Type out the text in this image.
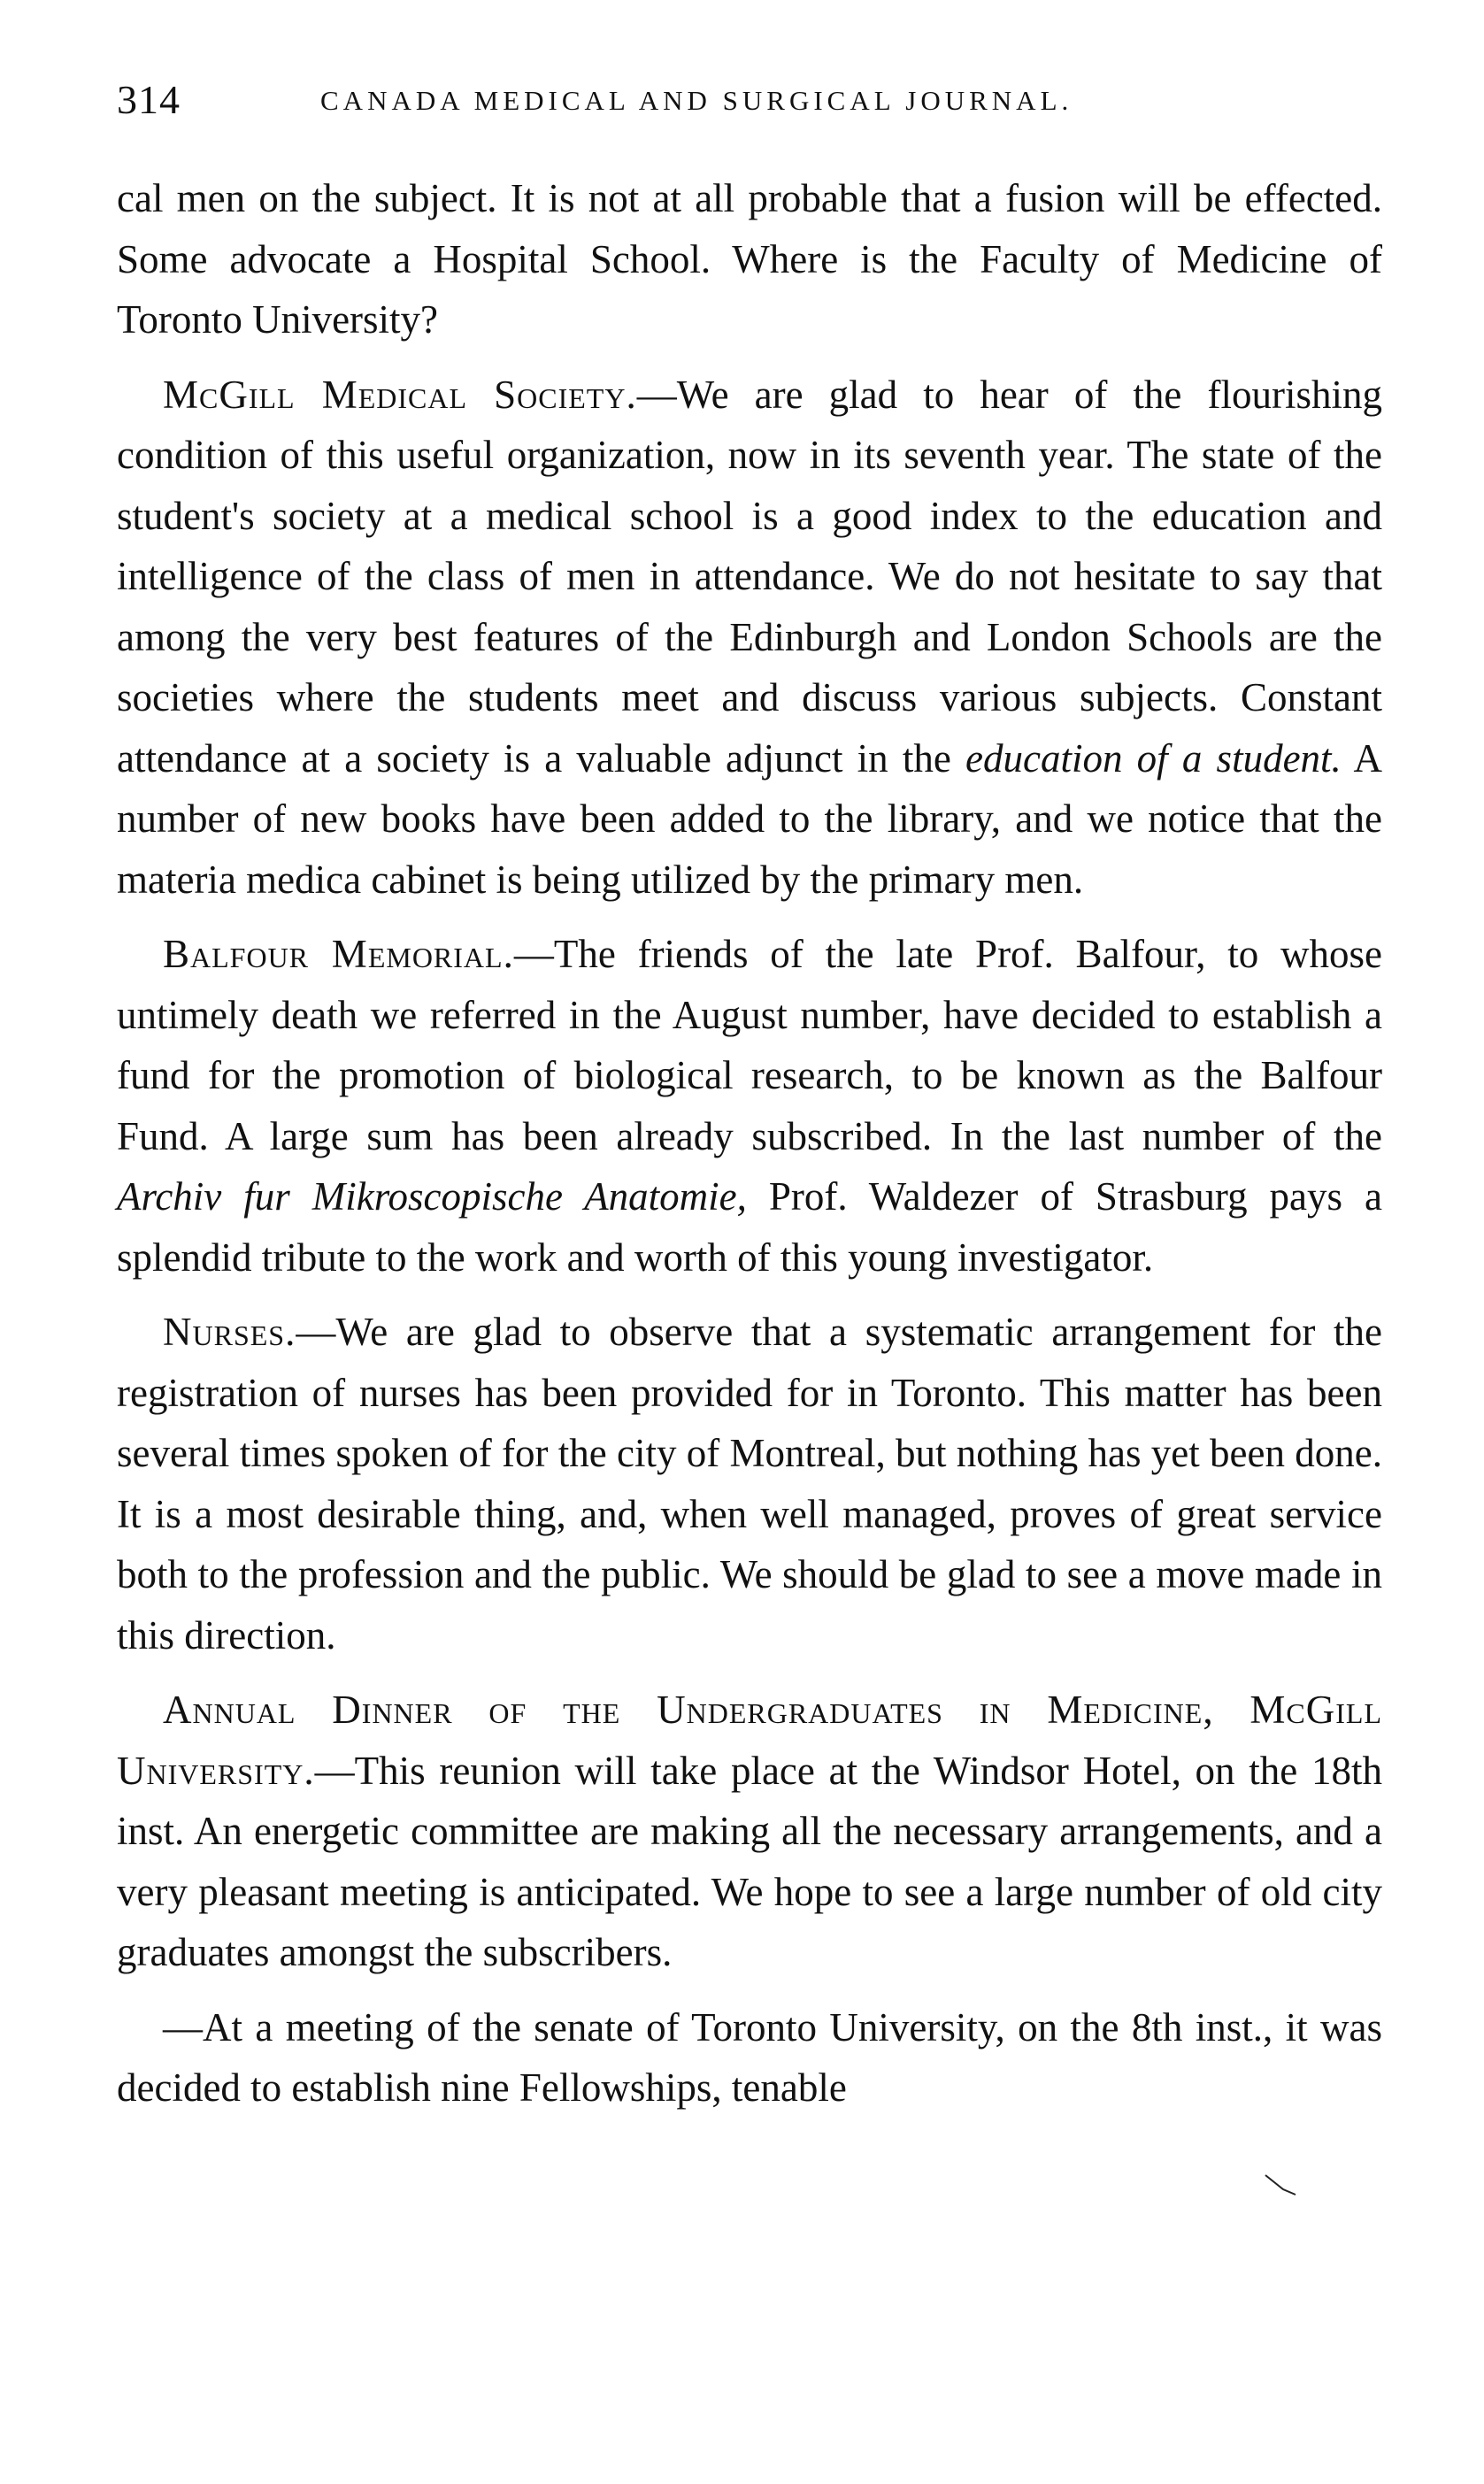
314	CANADA MEDICAL AND SURGICAL JOURNAL.

cal men on the subject. It is not at all probable that a fusion will be effected. Some advocate a Hospital School. Where is the Faculty of Medicine of Toronto University?

McGill Medical Society.—We are glad to hear of the flourishing condition of this useful organization, now in its seventh year. The state of the student's society at a medical school is a good index to the education and intelligence of the class of men in attendance. We do not hesitate to say that among the very best features of the Edinburgh and London Schools are the societies where the students meet and discuss various subjects. Constant attendance at a society is a valuable adjunct in the education of a student. A number of new books have been added to the library, and we notice that the materia medica cabinet is being utilized by the primary men.

Balfour Memorial.—The friends of the late Prof. Balfour, to whose untimely death we referred in the August number, have decided to establish a fund for the promotion of biological research, to be known as the Balfour Fund. A large sum has been already subscribed. In the last number of the Archiv fur Mikroscopische Anatomie, Prof. Waldezer of Strasburg pays a splendid tribute to the work and worth of this young investigator.

Nurses.—We are glad to observe that a systematic arrangement for the registration of nurses has been provided for in Toronto. This matter has been several times spoken of for the city of Montreal, but nothing has yet been done. It is a most desirable thing, and, when well managed, proves of great service both to the profession and the public. We should be glad to see a move made in this direction.

Annual Dinner of the Undergraduates in Medicine, McGill University.—This reunion will take place at the Windsor Hotel, on the 18th inst. An energetic committee are making all the necessary arrangements, and a very pleasant meeting is anticipated. We hope to see a large number of old city graduates amongst the subscribers.

—At a meeting of the senate of Toronto University, on the 8th inst., it was decided to establish nine Fellowships, tenable
